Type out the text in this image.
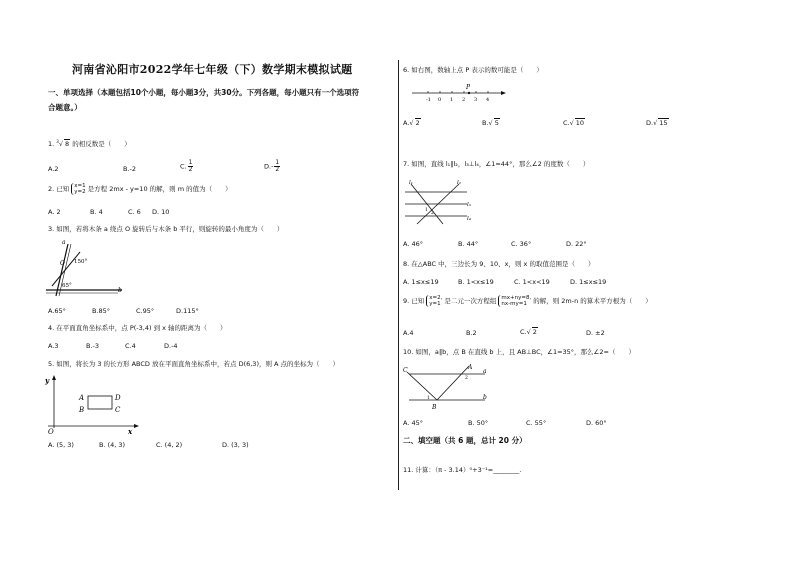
河南省沁阳市2022学年七年级（下）数学期末模拟试题
一、单项选择（本题包括10个小题，每小题3分，共30分。下列各题，每小题只有一个选项符
合题意。）
1. $^3$√ 8 的相反数是（　　）
A.2	B.-2	C. $\frac{1}{2}$	$D.- \frac{1}{2}$
2. 已知 x=1
y=2 是方程 2mx - y=10 的解，则 m 的值为（　　）
A. 2	B. 4	C. 6 D. 10
3. 如图，若将木条 a 绕点 O 旋转后与木条 b 平行，则旋转的最小角度为（　　）
a
O 150°
65°
b
A.65°	B.85°	C.95°	D.115°
4. 在平面直角坐标系中，点 P(-3,4) 到 x 轴的距离为（　　）
A.3	B.-3	C.4	D.-4
5. 如图，将长为 3 的长方形 ABCD 放在平面直角坐标系中，若点 D(6,3)，则 A 点的坐标为（　　）
y
x
O
A
B	C
D
A. (5, 3)	B. (4, 3)	C. (4, 2)	D. (3, 3)
6. 如右图，数轴上点 P 表示的数可能是（　　）
-1 0 1 2 3 4
P
A.√ 2	B.√ 5	C.√ 10	D.√ 15
7. 如图，直线 l₁∥l₂，l₃⊥l₄，∠1=44°，那么∠2 的度数（　　）
l₁	l₂
l₃
l₄
1
2
A. 46°	B. 44°	C. 36°	D. 22°
8. 在△ABC 中，三边长为 9、10、x，则 x 的取值范围是（　　）
A. 1≤x≤19	B. 1<x≤19	C. 1<x<19	D. 1≤x≤19
9. 已知 x=2,
y=1 是二元一次方程组 mx+ny=8,
nx-my=1 的解，则 2m-n 的算术平方根为（　　）
A.4	B.2	C.√ 2	D. ±2
10. 如图，a∥b，点 B 在直线 b 上，且 AB⊥BC，∠1=35°，那么∠2=（　　）
C	A
B
a
b
1
2
A. 45°	B. 50°	C. 55°	D. 60°
二、填空题（共 6 题，总计 20 分）
11. 计算：（π - 3.14）⁰+3⁻¹=________.
